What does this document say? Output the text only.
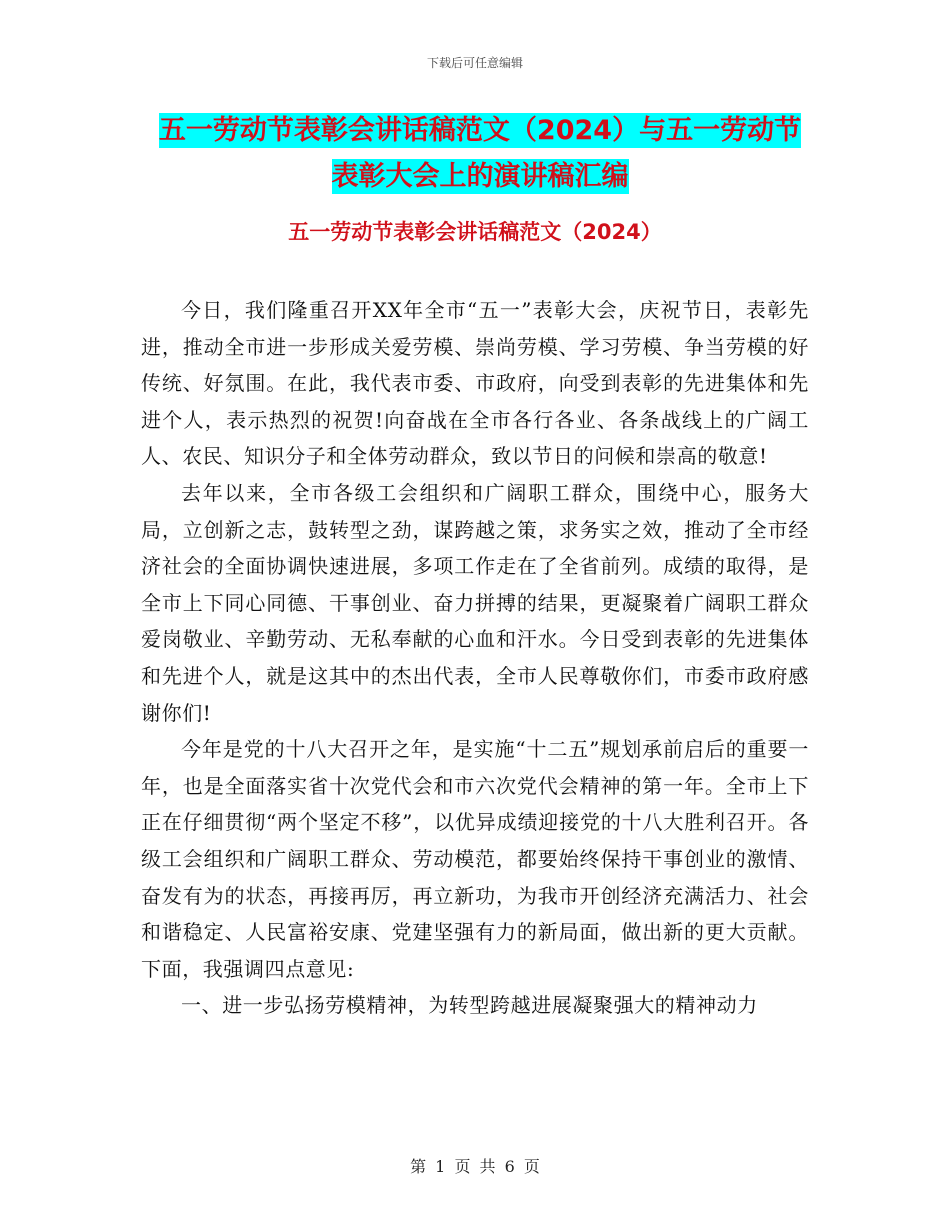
下载后可任意编辑
五一劳动节表彰会讲话稿范文（2024）与五一劳动节
表彰大会上的演讲稿汇编
五一劳动节表彰会讲话稿范文（2024）

今日，我们隆重召开XX年全市“五一”表彰大会，庆祝节日，表彰先进，推动全市进一步形成关爱劳模、崇尚劳模、学习劳模、争当劳模的好传统、好氛围。在此，我代表市委、市政府，向受到表彰的先进集体和先进个人，表示热烈的祝贺!向奋战在全市各行各业、各条战线上的广阔工人、农民、知识分子和全体劳动群众，致以节日的问候和崇高的敬意!

去年以来，全市各级工会组织和广阔职工群众，围绕中心，服务大局，立创新之志，鼓转型之劲，谋跨越之策，求务实之效，推动了全市经济社会的全面协调快速进展，多项工作走在了全省前列。成绩的取得，是全市上下同心同德、干事创业、奋力拼搏的结果，更凝聚着广阔职工群众爱岗敬业、辛勤劳动、无私奉献的心血和汗水。今日受到表彰的先进集体和先进个人，就是这其中的杰出代表，全市人民尊敬你们，市委市政府感谢你们!

今年是党的十八大召开之年，是实施“十二五”规划承前启后的重要一年，也是全面落实省十次党代会和市六次党代会精神的第一年。全市上下正在仔细贯彻“两个坚定不移”，以优异成绩迎接党的十八大胜利召开。各级工会组织和广阔职工群众、劳动模范，都要始终保持干事创业的激情、奋发有为的状态，再接再厉，再立新功，为我市开创经济充满活力、社会和谐稳定、人民富裕安康、党建坚强有力的新局面，做出新的更大贡献。下面，我强调四点意见:

一、进一步弘扬劳模精神，为转型跨越进展凝聚强大的精神动力

第 1 页 共 6 页
